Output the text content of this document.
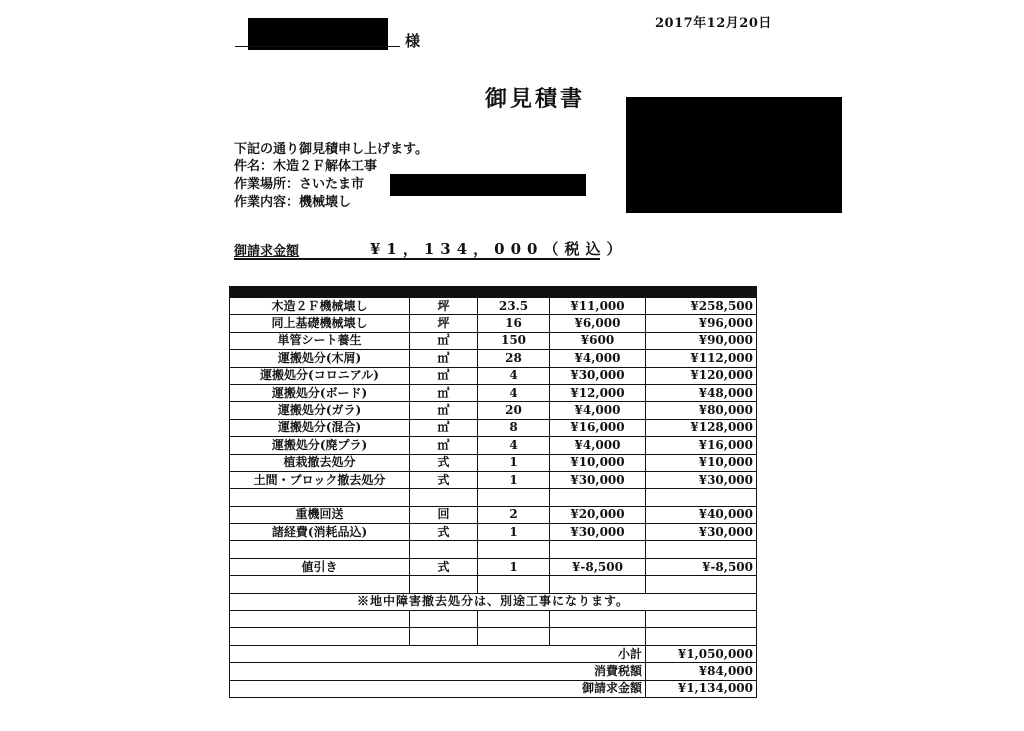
2017年12月20日
様
御見積書
下記の通り御見積申し上げます。
件名：木造２Ｆ解体工事
作業場所：さいたま市
作業内容：機械壊し
御請求金額	¥1，134，000（税込）

木造２Ｆ機械壊し	坪	23.5	¥11,000	¥258,500
同上基礎機械壊し	坪	16	¥6,000	¥96,000
単管シート養生	㎡	150	¥600	¥90,000
運搬処分(木屑)	㎥	28	¥4,000	¥112,000
運搬処分(コロニアル)	㎥	4	¥30,000	¥120,000
運搬処分(ボード)	㎥	4	¥12,000	¥48,000
運搬処分(ガラ)	㎥	20	¥4,000	¥80,000
運搬処分(混合)	㎥	8	¥16,000	¥128,000
運搬処分(廃プラ)	㎥	4	¥4,000	¥16,000
植栽撤去処分	式	1	¥10,000	¥10,000
土間・ブロック撤去処分	式	1	¥30,000	¥30,000

重機回送	回	2	¥20,000	¥40,000
諸経費(消耗品込)	式	1	¥30,000	¥30,000

値引き	式	1	¥-8,500	¥-8,500

※地中障害撤去処分は、別途工事になります。				

小計				¥1,050,000
消費税額				¥84,000
御請求金額				¥1,134,000
